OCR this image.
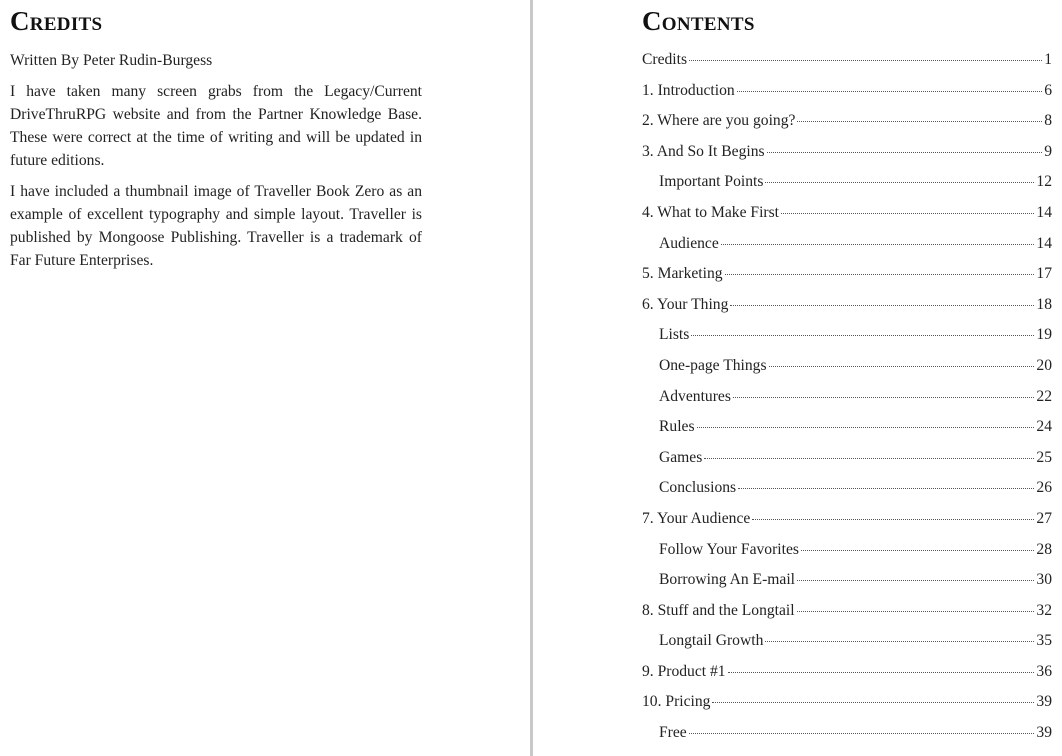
Credits

Written By Peter Rudin-Burgess

I have taken many screen grabs from the Legacy/Current DriveThruRPG website and from the Partner Knowledge Base. These were correct at the time of writing and will be updated in future editions.

I have included a thumbnail image of Traveller Book Zero as an example of excellent typography and simple layout. Traveller is published by Mongoose Publishing. Traveller is a trademark of Far Future Enterprises.

Contents
Credits	1
1. Introduction	6
2. Where are you going?	8
3. And So It Begins	9
Important Points	12
4. What to Make First	14
Audience	14
5. Marketing	17
6. Your Thing	18
Lists	19
One-page Things	20
Adventures	22
Rules	24
Games	25
Conclusions	26
7. Your Audience	27
Follow Your Favorites	28
Borrowing An E-mail	30
8. Stuff and the Longtail	32
Longtail Growth	35
9. Product #1	36
10. Pricing	39
Free	39
